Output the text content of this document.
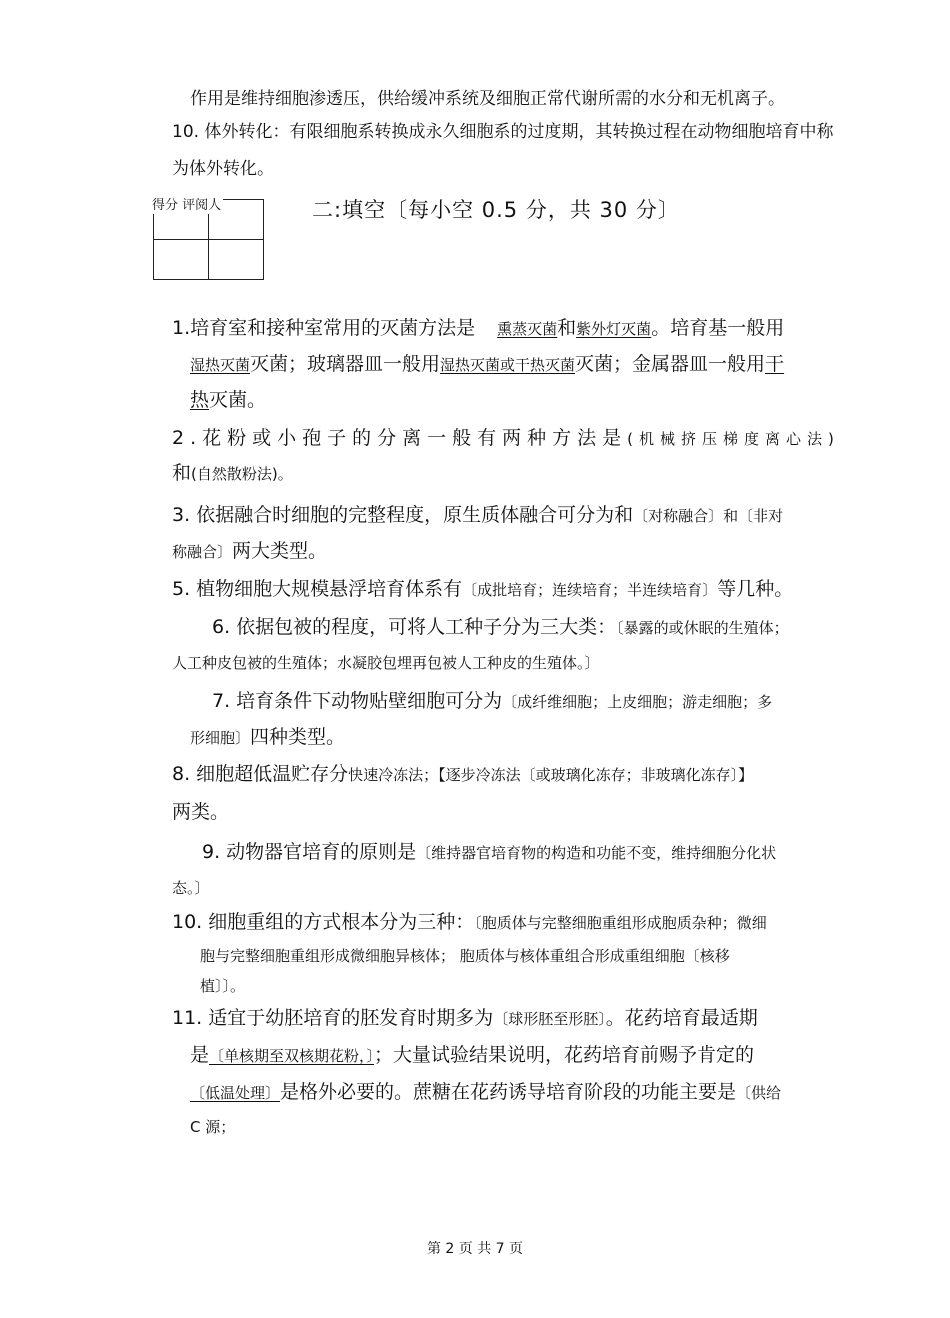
作用是维持细胞渗透压，供给缓冲系统及细胞正常代谢所需的水分和无机离子。
10. 体外转化：有限细胞系转换成永久细胞系的过度期，其转换过程在动物细胞培育中称
为体外转化。

得分 评阅人	二:填空〔每小空 0.5 分，共 30 分〕
1.培育室和接种室常用的灭菌方法是 熏蒸灭菌和紫外灯灭菌。培育基一般用
湿热灭菌灭菌；玻璃器皿一般用湿热灭菌或干热灭菌灭菌；金属器皿一般用干
热灭菌。
2.花粉或小孢子的分离一般有两种方法是(机械挤压梯度离心法)
和(自然散粉法)。
3. 依据融合时细胞的完整程度，原生质体融合可分为和〔对称融合〕和〔非对
称融合〕两大类型。
5. 植物细胞大规模悬浮培育体系有〔成批培育；连续培育；半连续培育〕等几种。
6. 依据包被的程度，可将人工种子分为三大类：〔暴露的或休眠的生殖体；
人工种皮包被的生殖体；水凝胶包埋再包被人工种皮的生殖体。〕
7. 培育条件下动物贴壁细胞可分为〔成纤维细胞；上皮细胞；游走细胞；多
形细胞〕四种类型。
8. 细胞超低温贮存分快速冷冻法；【逐步冷冻法〔或玻璃化冻存；非玻璃化冻存〕】
两类。
9. 动物器官培育的原则是〔维持器官培育物的构造和功能不变，维持细胞分化状
态。〕
10. 细胞重组的方式根本分为三种：〔胞质体与完整细胞重组形成胞质杂种；微细
胞与完整细胞重组形成微细胞异核体； 胞质体与核体重组合形成重组细胞〔核移
植〕〕。
11. 适宜于幼胚培育的胚发育时期多为〔球形胚至形胚〕。花药培育最适期
是〔单核期至双核期花粉，〕；大量试验结果说明，花药培育前赐予肯定的
〔低温处理〕是格外必要的。蔗糖在花药诱导培育阶段的功能主要是〔供给
C 源；
第 2 页 共 7 页
